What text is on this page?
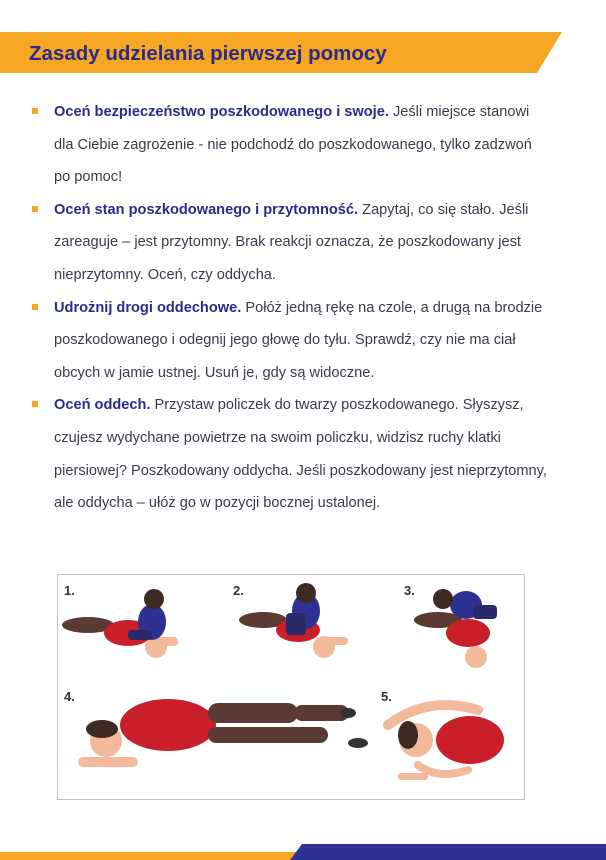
Zasady udzielania pierwszej pomocy
Oceń bezpieczeństwo poszkodowanego i swoje. Jeśli miejsce stanowi dla Ciebie zagrożenie - nie podchodź do poszkodowanego, tylko zadzwoń po pomoc!
Oceń stan poszkodowanego i przytomność. Zapytaj, co się stało. Jeśli zareaguje – jest przytomny. Brak reakcji oznacza, że poszkodowany jest nieprzytomny. Oceń, czy oddycha.
Udrożnij drogi oddechowe. Połóż jedną rękę na czole, a drugą na brodzie poszkodowanego i odegnij jego głowę do tyłu. Sprawdź, czy nie ma ciał obcych w jamie ustnej. Usuń je, gdy są widoczne.
Oceń oddech. Przystaw policzek do twarzy poszkodowanego. Słyszysz, czujesz wydychane powietrze na swoim policzku, widzisz ruchy klatki piersiowej? Poszkodowany oddycha. Jeśli poszkodowany jest nieprzytomny, ale oddycha – ułóż go w pozycji bocznej ustalonej.
1.	2.	3.
4.	5.
